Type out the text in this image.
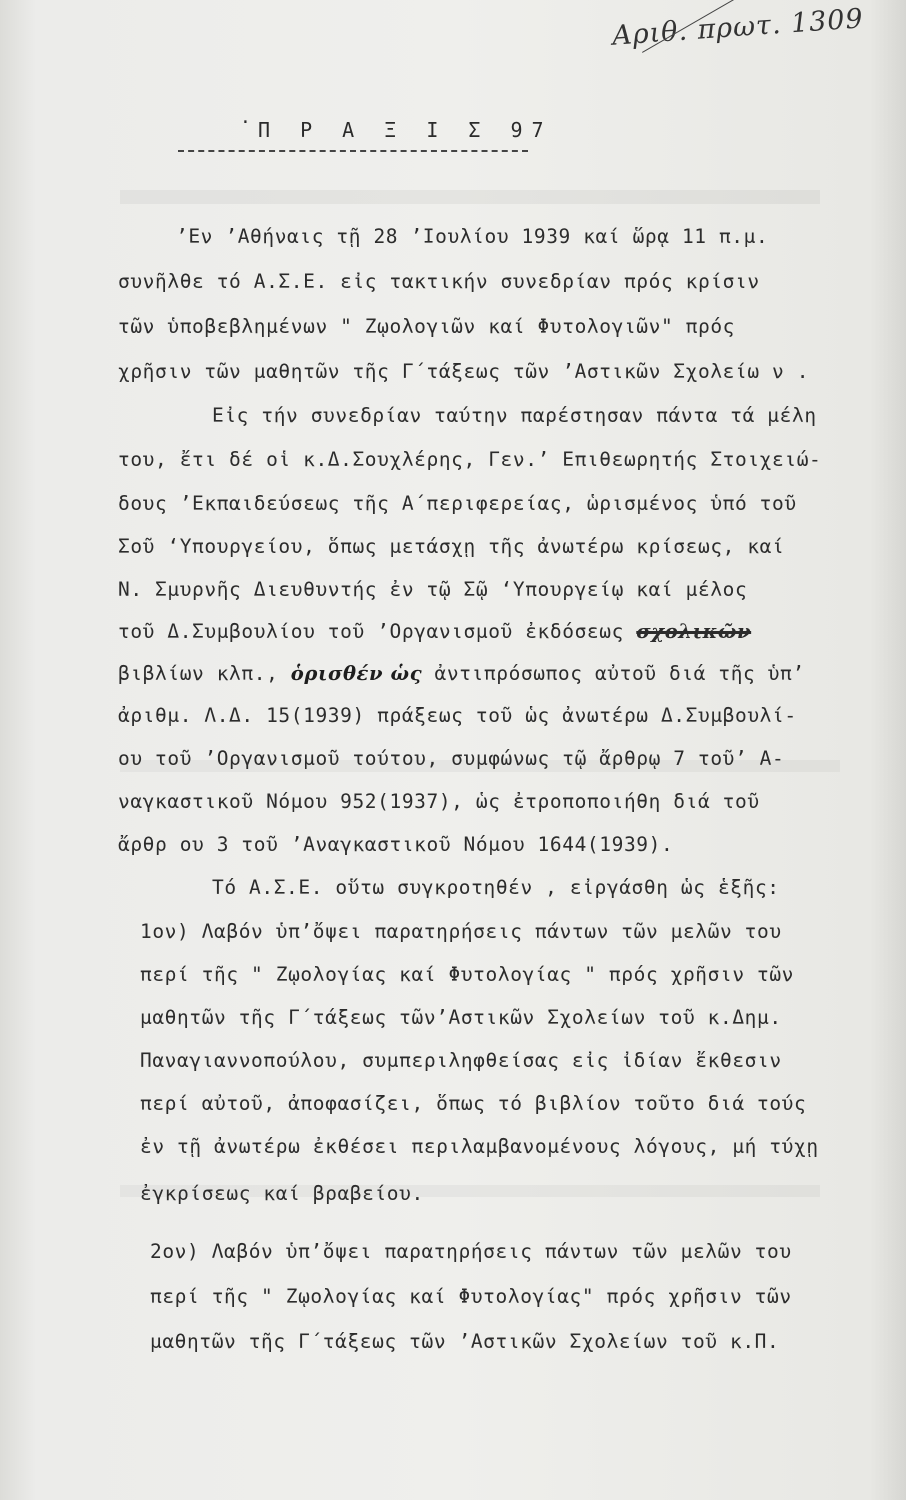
Αριθ. πρωτ. 1309
· Π Ρ Α Ξ Ι Σ 97
’Εν ’Αθήναις τῇ 28 ’Ιουλίου 1939 καί ὥρᾳ 11 π.μ.
συνῆλθε τό Α.Σ.Ε. εἰς τακτικήν συνεδρίαν πρός κρίσιν
τῶν ὑποβεβλημένων " Ζῳολογιῶν καί Φυτολογιῶν" πρός
χρῆσιν τῶν μαθητῶν τῆς Γ΄τάξεως τῶν ’Αστικῶν Σχολείω ν .
Εἰς τήν συνεδρίαν ταύτην παρέστησαν πάντα τά μέλη
του, ἔτι δέ οἱ κ.Δ.Σουχλέρης, Γεν.’ Επιθεωρητής Στοιχειώ-
δους ’Εκπαιδεύσεως τῆς Α΄περιφερείας, ὡρισμένος ὑπό τοῦ
Σοῦ ‘Υπουργείου, ὅπως μετάσχῃ τῆς ἀνωτέρω κρίσεως, καί
Ν. Σμυρνῆς Διευθυντής ἐν τῷ Σῷ ‘Υπουργείῳ καί μέλος
τοῦ Δ.Συμβουλίου τοῦ ’Οργανισμοῦ ἐκδόσεως σχολικῶν
βιβλίων κλπ., ὁρισθέν ὡς ἀντιπρόσωπος αὐτοῦ διά τῆς ὑπ’
ἀριθμ. Λ.Δ. 15(1939) πράξεως τοῦ ὡς ἀνωτέρω Δ.Συμβουλί-
ου τοῦ ’Οργανισμοῦ τούτου, συμφώνως τῷ ἄρθρῳ 7 τοῦ’ Α-
ναγκαστικοῦ Νόμου 952(1937), ὡς ἐτροποποιήθη διά τοῦ
ἄρθρ ου 3 τοῦ ’Αναγκαστικοῦ Νόμου 1644(1939).
Τό Α.Σ.Ε. οὕτω συγκροτηθέν , εἰργάσθη ὡς ἑξῆς:
1ον) Λαβόν ὑπ’ὄψει παρατηρήσεις πάντων τῶν μελῶν του
περί τῆς " Ζῳολογίας καί Φυτολογίας " πρός χρῆσιν τῶν
μαθητῶν τῆς Γ΄τάξεως τῶν’Αστικῶν Σχολείων τοῦ κ.Δημ.
Παναγιαννοπούλου, συμπεριληφθείσας εἰς ἰδίαν ἔκθεσιν
περί αὐτοῦ, ἀποφασίζει, ὅπως τό βιβλίον τοῦτο διά τούς
ἐν τῇ ἀνωτέρω ἐκθέσει περιλαμβανομένους λόγους, μή τύχῃ
ἐγκρίσεως καί βραβείου.
2ον) Λαβόν ὑπ’ὄψει παρατηρήσεις πάντων τῶν μελῶν του
περί τῆς " Ζῳολογίας καί Φυτολογίας" πρός χρῆσιν τῶν
μαθητῶν τῆς Γ΄τάξεως τῶν ’Αστικῶν Σχολείων τοῦ κ.Π.
